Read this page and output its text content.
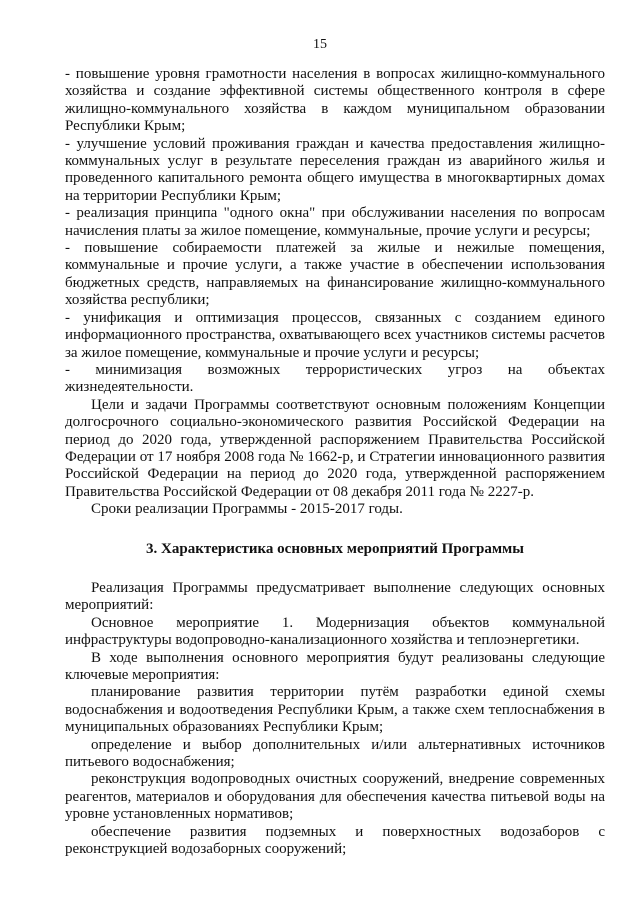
15

- повышение уровня грамотности населения в вопросах жилищно-коммунального хозяйства и создание эффективной системы общественного контроля в сфере жилищно-коммунального хозяйства в каждом муниципальном образовании Республики Крым;

- улучшение условий проживания граждан и качества предоставления жилищно-коммунальных услуг в результате переселения граждан из аварийного жилья и проведенного капитального ремонта общего имущества в многоквартирных домах на территории Республики Крым;

- реализация принципа "одного окна" при обслуживании населения по вопросам начисления платы за жилое помещение, коммунальные, прочие услуги и ресурсы;

- повышение собираемости платежей за жилые и нежилые помещения, коммунальные и прочие услуги, а также участие в обеспечении использования бюджетных средств, направляемых на финансирование жилищно-коммунального хозяйства республики;

- унификация и оптимизация процессов, связанных с созданием единого информационного пространства, охватывающего всех участников системы расчетов за жилое помещение, коммунальные и прочие услуги и ресурсы;

- минимизация возможных террористических угроз на объектах жизнедеятельности.

Цели и задачи Программы соответствуют основным положениям Концепции долгосрочного социально-экономического развития Российской Федерации на период до 2020 года, утвержденной распоряжением Правительства Российской Федерации от 17 ноября 2008 года № 1662-р, и Стратегии инновационного развития Российской Федерации на период до 2020 года, утвержденной распоряжением Правительства Российской Федерации от 08 декабря 2011 года № 2227-р.

Сроки реализации Программы - 2015-2017 годы.

3. Характеристика основных мероприятий Программы

Реализация Программы предусматривает выполнение следующих основных мероприятий:

Основное мероприятие 1. Модернизация объектов коммунальной инфраструктуры водопроводно-канализационного хозяйства и теплоэнергетики.

В ходе выполнения основного мероприятия будут реализованы следующие ключевые мероприятия:

планирование развития территории путём разработки единой схемы водоснабжения и водоотведения Республики Крым, а также схем теплоснабжения в муниципальных образованиях Республики Крым;

определение и выбор дополнительных и/или альтернативных источников питьевого водоснабжения;

реконструкция водопроводных очистных сооружений, внедрение современных реагентов, материалов и оборудования для обеспечения качества питьевой воды на уровне установленных нормативов;

обеспечение развития подземных и поверхностных водозаборов с реконструкцией водозаборных сооружений;
